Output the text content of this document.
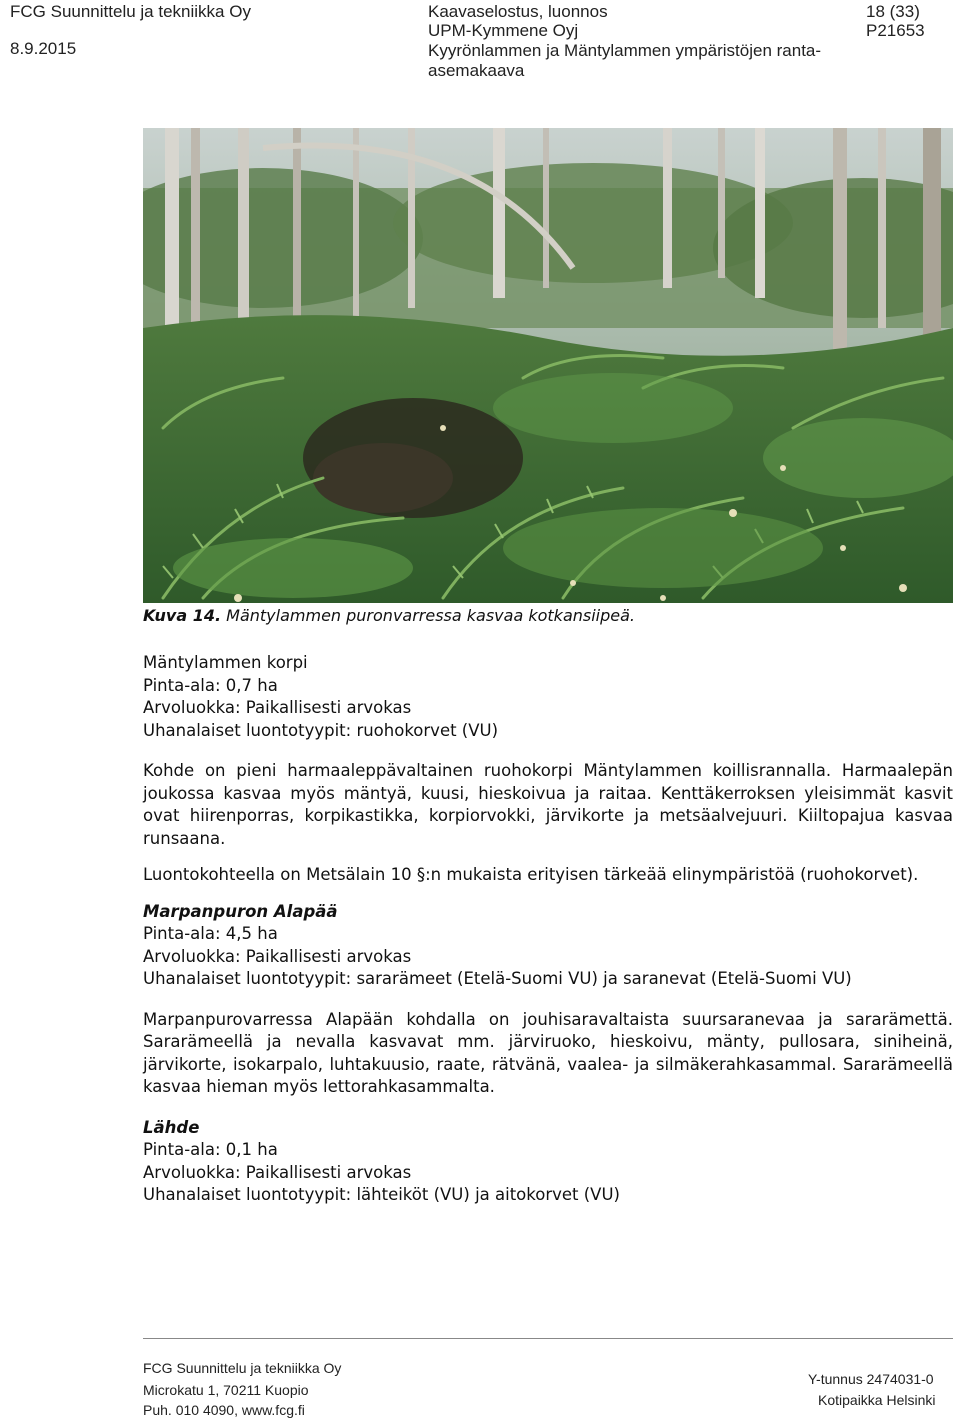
FCG Suunnittelu ja tekniikka Oy
8.9.2015
Kaavaselostus, luonnos
UPM-Kymmene Oyj
Kyyrönlammen ja Mäntylammen ympäristöjen ranta-
asemakaava
18 (33)
P21653
Kuva 14. Mäntylammen puronvarressa kasvaa kotkansiipeä.

Mäntylammen korpi

Pinta-ala: 0,7 ha

Arvoluokka: Paikallisesti arvokas

Uhanalaiset luontotyypit: ruohokorvet (VU)

Kohde on pieni harmaaleppävaltainen ruohokorpi Mäntylammen koillisrannalla. Harmaalepän joukossa kasvaa myös mäntyä, kuusi, hieskoivua ja raitaa. Kenttäkerroksen yleisimmät kasvit ovat hiirenporras, korpikastikka, korpiorvokki, järvikorte ja metsäalvejuuri. Kiiltopajua kasvaa runsaana.

Luontokohteella on Metsälain 10 §:n mukaista erityisen tärkeää elinympäristöä (ruohokorvet).

Marpanpuron Alapää

Pinta-ala: 4,5 ha

Arvoluokka: Paikallisesti arvokas

Uhanalaiset luontotyypit: sararämeet (Etelä-Suomi VU) ja saranevat (Etelä-Suomi VU)

Marpanpurovarressa Alapään kohdalla on jouhisaravaltaista suursaranevaa ja sararämettä. Sararämeellä ja nevalla kasvavat mm. järviruoko, hieskoivu, mänty, pullosara, siniheinä, järvikorte, isokarpalo, luhtakuusio, raate, rätvänä, vaalea- ja silmäkerahkasammal. Sararämeellä kasvaa hieman myös lettorahkasammalta.

Lähde

Pinta-ala: 0,1 ha

Arvoluokka: Paikallisesti arvokas

Uhanalaiset luontotyypit: lähteiköt (VU) ja aitokorvet (VU)

FCG Suunnittelu ja tekniikka Oy
Microkatu 1, 70211 Kuopio
Puh. 010 4090, www.fcg.fi
Y-tunnus 2474031-0
Kotipaikka Helsinki
